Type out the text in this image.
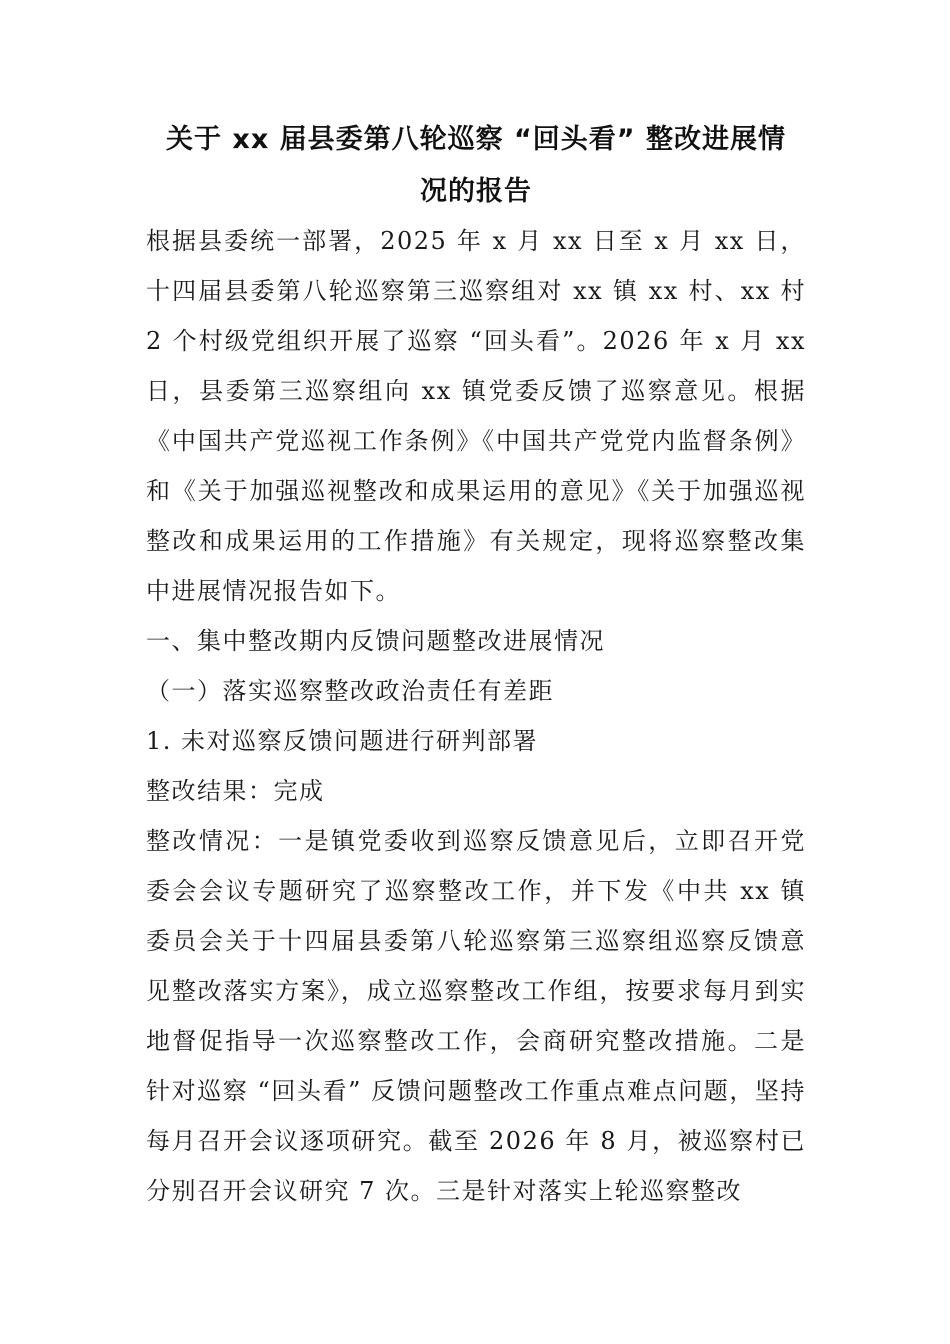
关于 xx 届县委第八轮巡察 “回头看” 整改进展情
况的报告

根据县委统一部署，2025 年 x 月 xx 日至 x 月 xx 日，十四届县委第八轮巡察第三巡察组对 xx 镇 xx 村、xx 村 2 个村级党组织开展了巡察 “回头看”。2026 年 x 月 xx 日，县委第三巡察组向 xx 镇党委反馈了巡察意见。根据《中国共产党巡视工作条例》《中国共产党党内监督条例》和《关于加强巡视整改和成果运用的意见》《关于加强巡视整改和成果运用的工作措施》有关规定，现将巡察整改集中进展情况报告如下。

一、集中整改期内反馈问题整改进展情况

（一）落实巡察整改政治责任有差距

1. 未对巡察反馈问题进行研判部署

整改结果：完成

整改情况：一是镇党委收到巡察反馈意见后，立即召开党委会会议专题研究了巡察整改工作，并下发《中共 xx 镇委员会关于十四届县委第八轮巡察第三巡察组巡察反馈意见整改落实方案》，成立巡察整改工作组，按要求每月到实地督促指导一次巡察整改工作，会商研究整改措施。二是针对巡察 “回头看” 反馈问题整改工作重点难点问题，坚持每月召开会议逐项研究。截至 2026 年 8 月，被巡察村已分别召开会议研究 7 次。三是针对落实上轮巡察整改
